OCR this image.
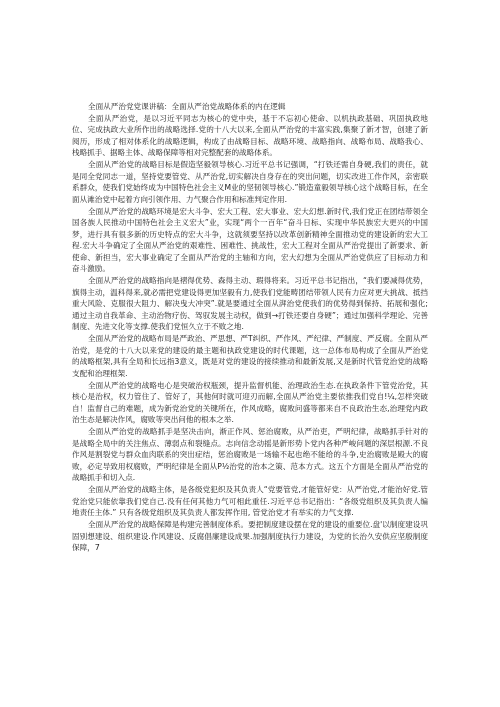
全面从严治党党课讲稿：全面从严治党战略体系的内在逻辑

全面从严治党，是以习近平同志为核心的党中央，基于不忘初心使命、以机执政基础、巩固执政地位、完成执政大业所作出的战略选择.党的十八大以来,全面从严治党的丰富实践,集聚了新才智，创建了新阅历，形成了相对体系化的战略逻辑，构成了由战略目标、战略环境、战略指向、战略布局、战略我心、栈略抓手、据略主体、战略保障等相对完整配套的战略体系。

全面从严治党的战略目标是假造坚毅领导核心.习近平总书记强调，“打铁还需自身硬,我们的责任，就是同全党同志一道，坚持党要管党、从严治党,切实解决自身存在的突出问题，切实改进工作作风，亲密联系群众，使我们党始终成为中国特色社会主义M业的坚韧领导核心.”锻造童毅领导核心这个战略目标，在全面从滩治党中起着方向引领作用、力气聚合作用和标准判定作用.

全面从严治党的战略环境是宏大斗争、宏大工程、宏大事业、宏大幻想.新时代,我们党正在团结带领全国各族人民推动中国特色社会主义宏大”业，实现“两个一百年“奋斗日标、实现中华民族宏大更兴的中国梦，进行具有很多新的历史特点的宏大斗争，这就须要坚持以改革创新精神全面推动党的建设新的宏大工程.宏大斗争确定了全面从严治党的艰难性、困难性、挑战性，宏大工程对全面从严治党提出了新要求、新使命、新担当，宏大事业确定了全面从严治党的主轴和方向，宏大幻想为全面从严治党供应了目标动力和奋斗激励。

全面从严治党的战略指向是褶得优势、森得主动、瑕得将来。习近平总书记指出，“我们要减得优势，旗得主动，温科得来,就必需把党建设得更加坚毅有力,使我们党能畴团结带领人民有力应对更大挑战、抵挡重大风险、克服很大阻力、解决曳大冲突”.就是要通过全面从湃治党使我们的优势得到保持、拓展和强化; 通过主动自我革命、主动治物疗伤、驾驭发展主动权，做到→打铁还要自身硬”；通过加强科学理论、完善制度、先进文化等支撑.使我们党恒久立于不败之地.

全面从严治党的战略布局是严政治、严思想、严T纠织、严作风、严纪律、严制度、严反腐。全面从严治党，是党的十八大以来党的建设的最主题和执政党建设的时代课题，这一总体布局构成了全面从严治党的战略框架,具有全局和长远指3意义，既是对党的建设的接续推动和最新发展,又是新时代管党治党的战略支配和治理框架.

全面从严治党的战略电心是突破治权瓶颈，提升监督机能、治理政治生态.在执政条件下管党治党，其核心是治权，权力管住了、管好了，其他何时就可迎刃而解,全面从严治党主要依推我们党自!¼,怎样突破自！监督自己的难题，成为新党治党的关键所在，作风成略，腐败问盛等都来自不良政治生态,治理党内政治生态是解决作风，腐败等突出问他的根本之举.

全面从严治党的战略抓手是坚决击向，渐正作风、惩治腐败，从严治吏，严明纪律，战略抓手针对的是战略全局中的关注焦点、薄弱点和裂缝点。志向信念动摇是新形势卜党内各种严峻问题的深层根源.不良作风是割裂党与群众血肉联系的突出症结，惩治腐败是一场输不起也绝不能给的斗争,史治腐败是殿大的腐败，必定导致用权腐败，严明纪律是全面从P½治党的治本之策、范本方式。这五个方面是全面从严治党的战略抓手和切入点.

全面从严治党的战略主体，是各级党犯织及其负责人“党要管党,才能管好党：从严治党,才能治好党.管党治党只能依靠我们党自己.没有任何其他力气可相此重任.习近平总书记指出：“各级党组织及其负责人编地责任主体.” 只有各级党组织及其负责人都发挥作用, 管党治党才有举实的力气支撑.

全面从严治党的战略保障是构建完善制度体系。要把制度建设摆在党的建设的重要位.盘'以制度建设巩固别想建设、组织建设.作风建设、反腐倡廉建设成果.加强制度执行力建设，为党的长治久安供应坚殷制度保障，7
